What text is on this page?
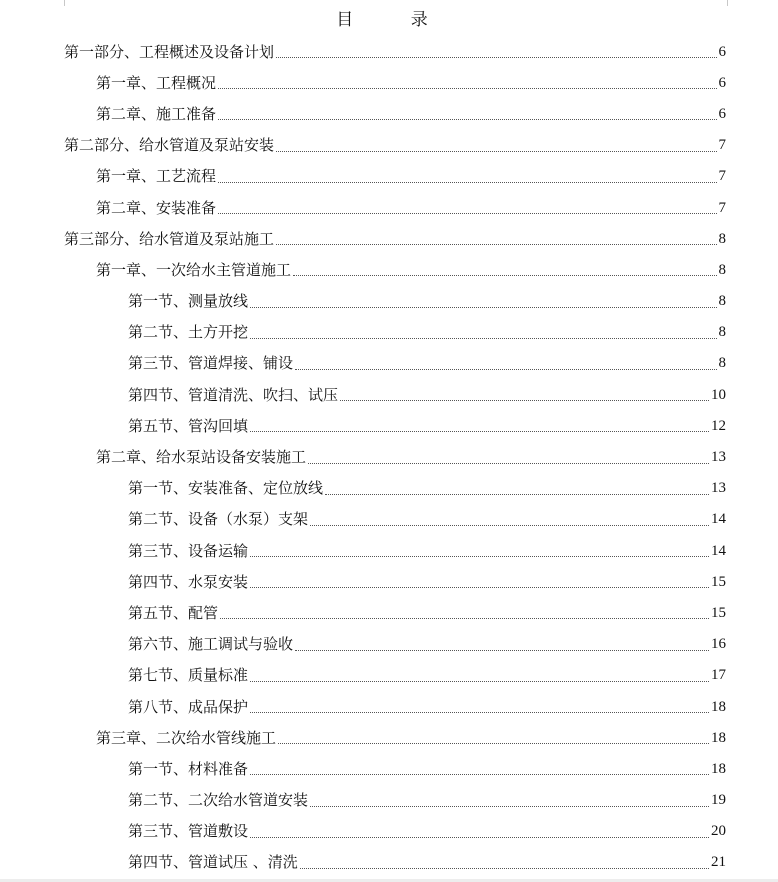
目 录
第一部分、工程概述及设备计划	6
第一章、工程概况	6
第二章、施工准备	6
第二部分、给水管道及泵站安装	7
第一章、工艺流程	7
第二章、安装准备	7
第三部分、给水管道及泵站施工	8
第一章、一次给水主管道施工	8
第一节、测量放线	8
第二节、土方开挖	8
第三节、管道焊接、铺设	8
第四节、管道清洗、吹扫、试压	10
第五节、管沟回填	12
第二章、给水泵站设备安装施工	13
第一节、安装准备、定位放线	13
第二节、设备（水泵）支架	14
第三节、设备运输	14
第四节、水泵安装	15
第五节、配管	15
第六节、施工调试与验收	16
第七节、质量标准	17
第八节、成品保护	18
第三章、二次给水管线施工	18
第一节、材料准备	18
第二节、二次给水管道安装	19
第三节、管道敷设	20
第四节、管道试压 、清洗	21
